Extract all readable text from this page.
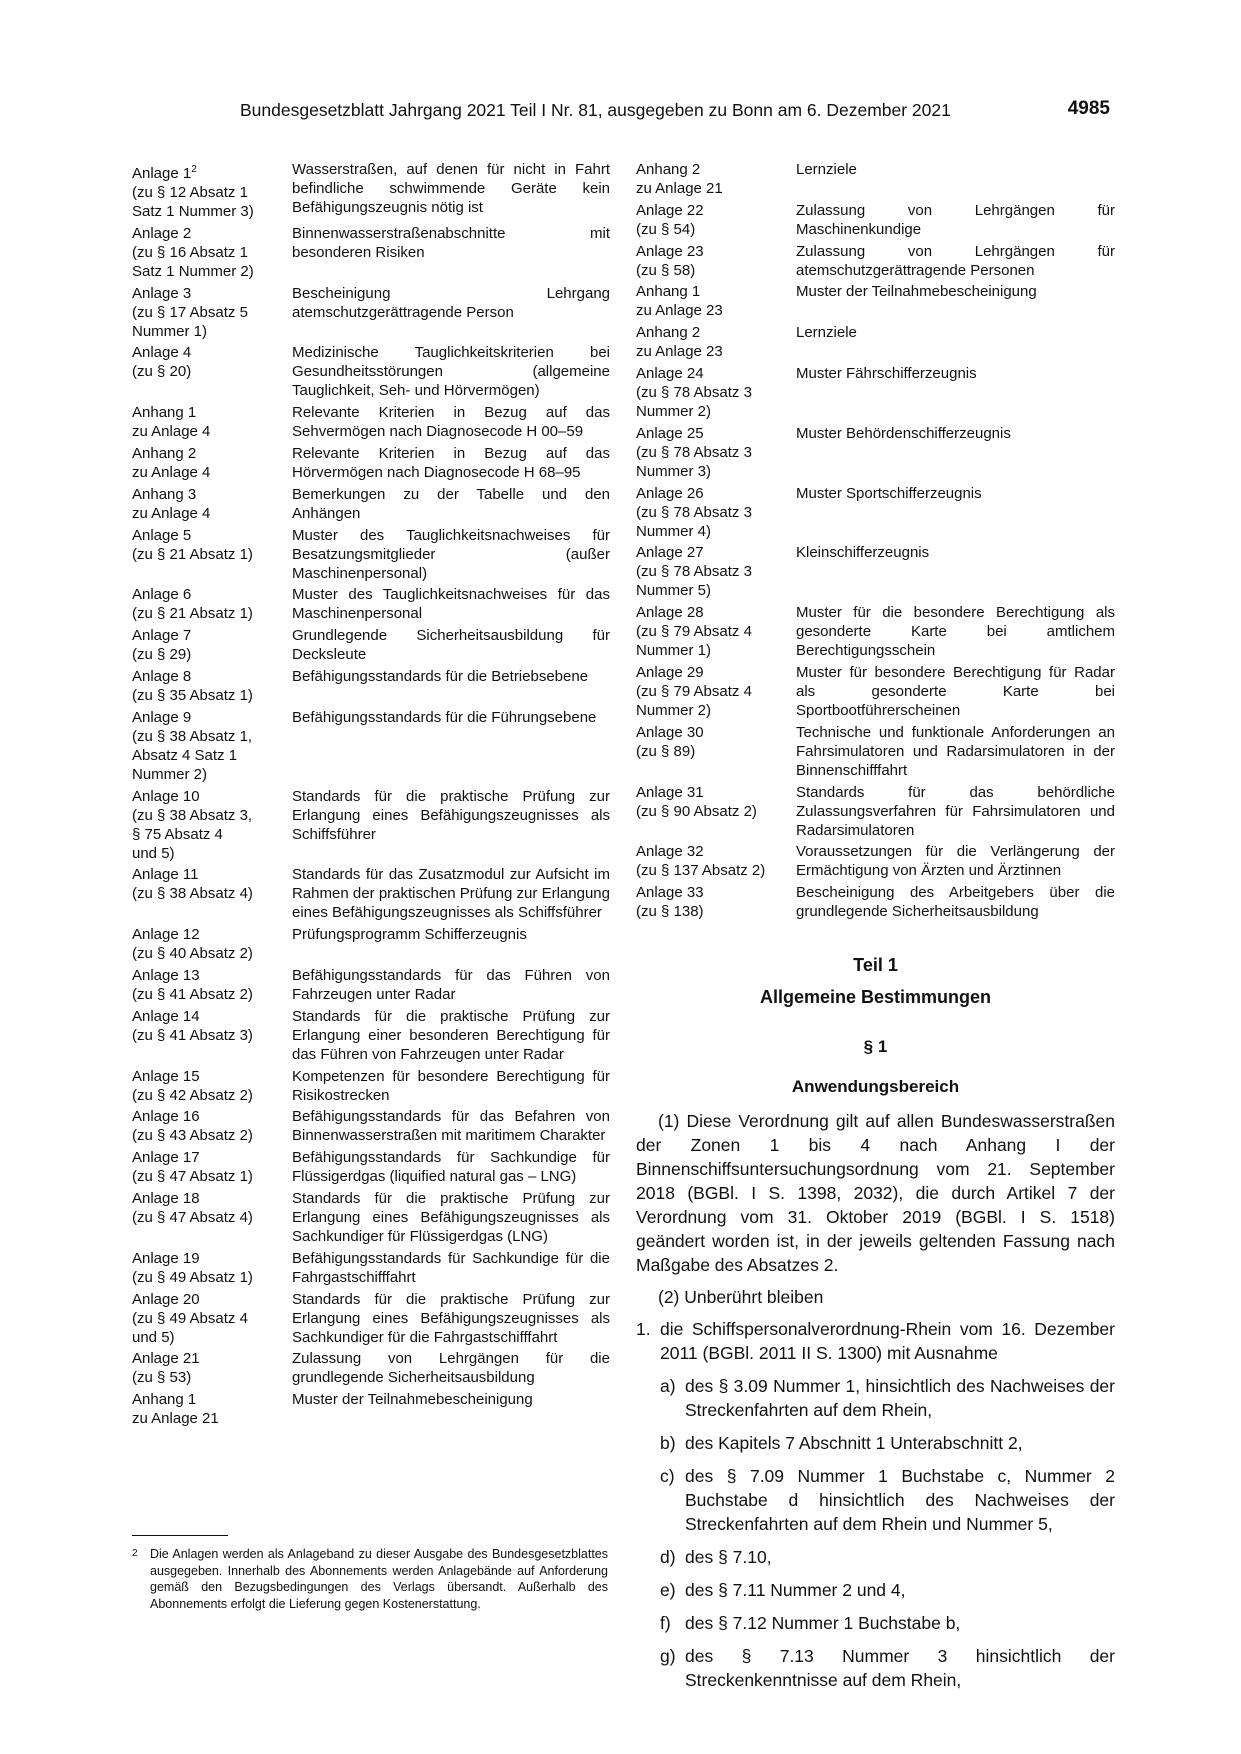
Bundesgesetzblatt Jahrgang 2021 Teil I Nr. 81, ausgegeben zu Bonn am 6. Dezember 2021	4985
Anlage $1^2$
(zu § 12 Absatz 1
Satz 1 Nummer 3)
Wasserstraßen, auf denen für nicht in Fahrt befindliche schwimmende Geräte kein Befähigungszeugnis nötig ist
Anlage 2
(zu § 16 Absatz 1
Satz 1 Nummer 2)
Binnenwasserstraßenabschnitte mit besonderen Risiken
Anlage 3
(zu § 17 Absatz 5
Nummer 1)
Bescheinigung Lehrgang atemschutzgerättragende Person
Anlage 4
(zu § 20)
Medizinische Tauglichkeitskriterien bei Gesundheitsstörungen (allgemeine Tauglichkeit, Seh- und Hörvermögen)
Anhang 1
zu Anlage 4
Relevante Kriterien in Bezug auf das Sehvermögen nach Diagnosecode H 00–59
Anhang 2
zu Anlage 4
Relevante Kriterien in Bezug auf das Hörvermögen nach Diagnosecode H 68–95
Anhang 3
zu Anlage 4
Bemerkungen zu der Tabelle und den Anhängen
Anlage 5
(zu § 21 Absatz 1)
Muster des Tauglichkeitsnachweises für Besatzungsmitglieder (außer Maschinenpersonal)
Anlage 6
(zu § 21 Absatz 1)
Muster des Tauglichkeitsnachweises für das Maschinenpersonal
Anlage 7
(zu § 29)
Grundlegende Sicherheitsausbildung für Decksleute
Anlage 8
(zu § 35 Absatz 1)
Befähigungsstandards für die Betriebsebene
Anlage 9
(zu § 38 Absatz 1,
Absatz 4 Satz 1
Nummer 2)
Befähigungsstandards für die Führungsebene
Anlage 10
(zu § 38 Absatz 3,
§ 75 Absatz 4
und 5)
Standards für die praktische Prüfung zur Erlangung eines Befähigungszeugnisses als Schiffsführer
Anlage 11
(zu § 38 Absatz 4)
Standards für das Zusatzmodul zur Aufsicht im Rahmen der praktischen Prüfung zur Erlangung eines Befähigungszeugnisses als Schiffsführer
Anlage 12
(zu § 40 Absatz 2)
Prüfungsprogramm Schifferzeugnis
Anlage 13
(zu § 41 Absatz 2)
Befähigungsstandards für das Führen von Fahrzeugen unter Radar
Anlage 14
(zu § 41 Absatz 3)
Standards für die praktische Prüfung zur Erlangung einer besonderen Berechtigung für das Führen von Fahrzeugen unter Radar
Anlage 15
(zu § 42 Absatz 2)
Kompetenzen für besondere Berechtigung für Risikostrecken
Anlage 16
(zu § 43 Absatz 2)
Befähigungsstandards für das Befahren von Binnenwasserstraßen mit maritimem Charakter
Anlage 17
(zu § 47 Absatz 1)
Befähigungsstandards für Sachkundige für Flüssigerdgas (liquified natural gas – LNG)
Anlage 18
(zu § 47 Absatz 4)
Standards für die praktische Prüfung zur Erlangung eines Befähigungszeugnisses als Sachkundiger für Flüssigerdgas (LNG)
Anlage 19
(zu § 49 Absatz 1)
Befähigungsstandards für Sachkundige für die Fahrgastschifffahrt
Anlage 20
(zu § 49 Absatz 4
und 5)
Standards für die praktische Prüfung zur Erlangung eines Befähigungszeugnisses als Sachkundiger für die Fahrgastschifffahrt
Anlage 21
(zu § 53)
Zulassung von Lehrgängen für die grundlegende Sicherheitsausbildung
Anhang 1
zu Anlage 21
Muster der Teilnahmebescheinigung
Anhang 2
zu Anlage 21
Lernziele
Anlage 22
(zu § 54)
Zulassung von Lehrgängen für Maschinenkundige
Anlage 23
(zu § 58)
Zulassung von Lehrgängen für atemschutzgerättragende Personen
Anhang 1
zu Anlage 23
Muster der Teilnahmebescheinigung
Anhang 2
zu Anlage 23
Lernziele
Anlage 24
(zu § 78 Absatz 3
Nummer 2)
Muster Fährschifferzeugnis
Anlage 25
(zu § 78 Absatz 3
Nummer 3)
Muster Behördenschifferzeugnis
Anlage 26
(zu § 78 Absatz 3
Nummer 4)
Muster Sportschifferzeugnis
Anlage 27
(zu § 78 Absatz 3
Nummer 5)
Kleinschifferzeugnis
Anlage 28
(zu § 79 Absatz 4
Nummer 1)
Muster für die besondere Berechtigung als gesonderte Karte bei amtlichem Berechtigungsschein
Anlage 29
(zu § 79 Absatz 4
Nummer 2)
Muster für besondere Berechtigung für Radar als gesonderte Karte bei Sportbootführerscheinen
Anlage 30
(zu § 89)
Technische und funktionale Anforderungen an Fahrsimulatoren und Radarsimulatoren in der Binnenschifffahrt
Anlage 31
(zu § 90 Absatz 2)
Standards für das behördliche Zulassungsverfahren für Fahrsimulatoren und Radarsimulatoren
Anlage 32
(zu § 137 Absatz 2)
Voraussetzungen für die Verlängerung der Ermächtigung von Ärzten und Ärztinnen
Anlage 33
(zu § 138)
Bescheinigung des Arbeitgebers über die grundlegende Sicherheitsausbildung
2 Die Anlagen werden als Anlageband zu dieser Ausgabe des Bundesgesetzblattes ausgegeben. Innerhalb des Abonnements werden Anlagebände auf Anforderung gemäß den Bezugsbedingungen des Verlags übersandt. Außerhalb des Abonnements erfolgt die Lieferung gegen Kostenerstattung.
Teil 1
Allgemeine Bestimmungen
§ 1
Anwendungsbereich
(1) Diese Verordnung gilt auf allen Bundeswasserstraßen der Zonen 1 bis 4 nach Anhang I der Binnenschiffsuntersuchungsordnung vom 21. September 2018 (BGBl. I S. 1398, 2032), die durch Artikel 7 der Verordnung vom 31. Oktober 2019 (BGBl. I S. 1518) geändert worden ist, in der jeweils geltenden Fassung nach Maßgabe des Absatzes 2.
(2) Unberührt bleiben
1. die Schiffspersonalverordnung-Rhein vom 16. Dezember 2011 (BGBl. 2011 II S. 1300) mit Ausnahme
a) des § 3.09 Nummer 1, hinsichtlich des Nachweises der Streckenfahrten auf dem Rhein,
b) des Kapitels 7 Abschnitt 1 Unterabschnitt 2,
c) des § 7.09 Nummer 1 Buchstabe c, Nummer 2 Buchstabe d hinsichtlich des Nachweises der Streckenfahrten auf dem Rhein und Nummer 5,
d) des § 7.10,
e) des § 7.11 Nummer 2 und 4,
f) des § 7.12 Nummer 1 Buchstabe b,
g) des § 7.13 Nummer 3 hinsichtlich der Streckenkenntnisse auf dem Rhein,
